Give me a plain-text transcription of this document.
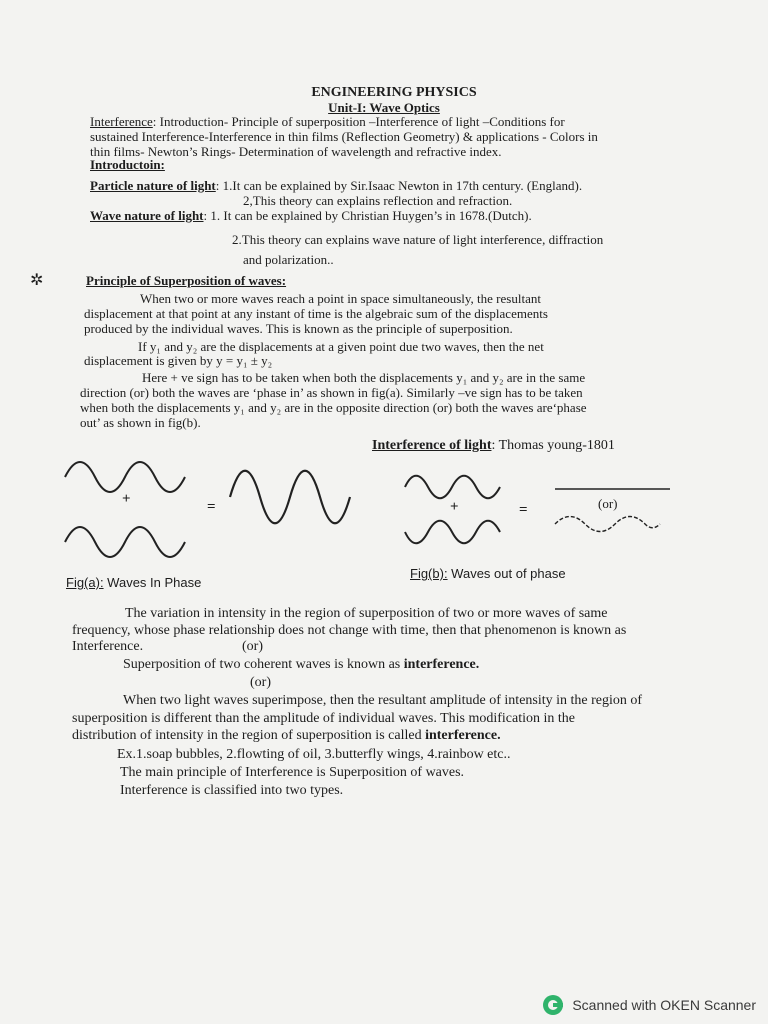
ENGINEERING PHYSICS
Unit-I: Wave Optics
Interference: Introduction- Principle of superposition –Interference of light –Conditions for
sustained Interference-Interference in thin films (Reflection Geometry) & applications - Colors in
thin films- Newton’s Rings- Determination of wavelength and refractive index.
Introductoin:
Particle nature of light: 1.It can be explained by Sir.Isaac Newton in 17th century. (England).
2,This theory can explains reflection and refraction.
Wave nature of light: 1. It can be explained by Christian Huygen’s in 1678.(Dutch).
2.This theory can explains wave nature of light interference, diffraction
and polarization..
✲	Principle of Superposition of waves:
When two or more waves reach a point in space simultaneously, the resultant
displacement at that point at any instant of time is the algebraic sum of the displacements
produced by the individual waves. This is known as the principle of superposition.
If y₁ and y₂ are the displacements at a given point due two waves, then the net
displacement is given by y = y₁ ± y₂
Here + ve sign has to be taken when both the displacements y₁ and y₂ are in the same
direction (or) both the waves are ‘phase in’ as shown in fig(a). Similarly –ve sign has to be taken
when both the displacements y₁ and y₂ are in the opposite direction (or) both the waves are‘phase
out’ as shown in fig(b).
Interference of light: Thomas young-1801
+	=	+	=	(or)
Fig(a): Waves In Phase
Fig(b): Waves out of phase
The variation in intensity in the region of superposition of two or more waves of same
frequency, whose phase relationship does not change with time, then that phenomenon is known as
Interference.	(or)
Superposition of two coherent waves is known as interference.
(or)
When two light waves superimpose, then the resultant amplitude of intensity in the region of
superposition is different than the amplitude of individual waves. This modification in the
distribution of intensity in the region of superposition is called interference.
Ex.1.soap bubbles, 2.flowting of oil, 3.butterfly wings, 4.rainbow etc..
The main principle of Interference is Superposition of waves.
Interference is classified into two types.
Scanned with OKEN Scanner
